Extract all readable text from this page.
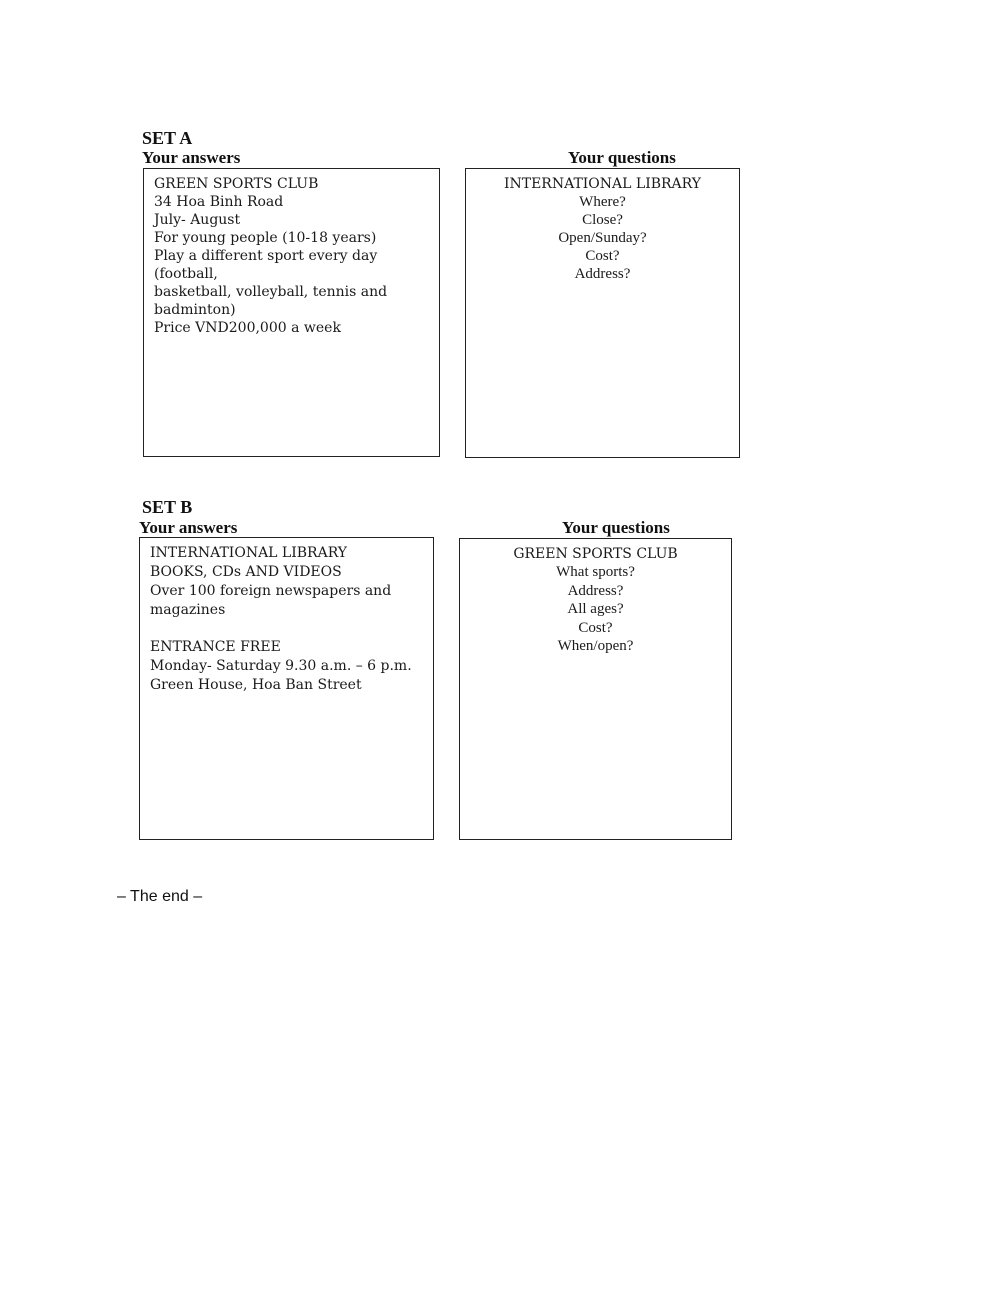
SET A
Your answers	Your questions
GREEN SPORTS CLUB
34 Hoa Binh Road
July- August
For young people (10-18 years)
Play a different sport every day (football,
basketball, volleyball, tennis and
badminton)
Price VND200,000 a week
INTERNATIONAL LIBRARY
Where?
Close?
Open/Sunday?
Cost?
Address?
SET B
Your answers	Your questions
INTERNATIONAL LIBRARY
BOOKS, CDs AND VIDEOS
Over 100 foreign newspapers and
magazines
ENTRANCE FREE
Monday- Saturday 9.30 a.m. – 6 p.m.
Green House, Hoa Ban Street
GREEN SPORTS CLUB
What sports?
Address?
All ages?
Cost?
When/open?
– The end –
